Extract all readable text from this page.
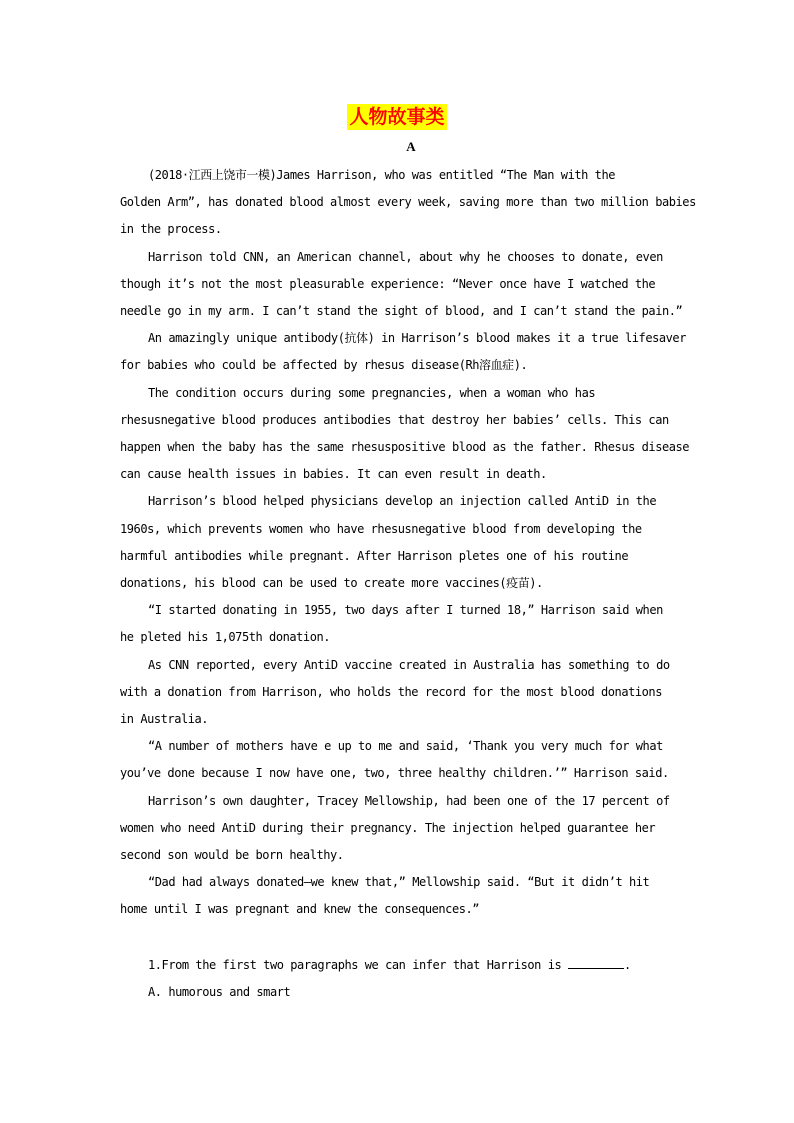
人物故事类
A
(2018·江西上饶市一模)James Harrison, who was entitled “The Man with the
Golden Arm”, has donated blood almost every week, saving more than two million babies
in the process.
Harrison told CNN, an American channel, about why he chooses to donate, even
though it’s not the most pleasurable experience: “Never once have I watched the
needle go in my arm. I can’t stand the sight of blood, and I can’t stand the pain.”
An amazingly unique antibody(抗体) in Harrison’s blood makes it a true lifesaver
for babies who could be affected by rhesus disease(Rh溶血症).
The condition occurs during some pregnancies, when a woman who has
rhesusnegative blood produces antibodies that destroy her babies’ cells. This can
happen when the baby has the same rhesuspositive blood as the father. Rhesus disease
can cause health issues in babies. It can even result in death.
Harrison’s blood helped physicians develop an injection called AntiD in the
1960s, which prevents women who have rhesusnegative blood from developing the
harmful antibodies while pregnant. After Harrison pletes one of his routine
donations, his blood can be used to create more vaccines(疫苗).
“I started donating in 1955, two days after I turned 18,” Harrison said when
he pleted his 1,075th donation.
As CNN reported, every AntiD vaccine created in Australia has something to do
with a donation from Harrison, who holds the record for the most blood donations
in Australia.
“A number of mothers have e up to me and said, ‘Thank you very much for what
you’ve done because I now have one, two, three healthy children.’” Harrison said.
Harrison’s own daughter, Tracey Mellowship, had been one of the 17 percent of
women who need AntiD during their pregnancy. The injection helped guarantee her
second son would be born healthy.
“Dad had always donated—we knew that,” Mellowship said. “But it didn’t hit
home until I was pregnant and knew the consequences.”
1.From the first two paragraphs we can infer that Harrison is	.
A. humorous and smart
